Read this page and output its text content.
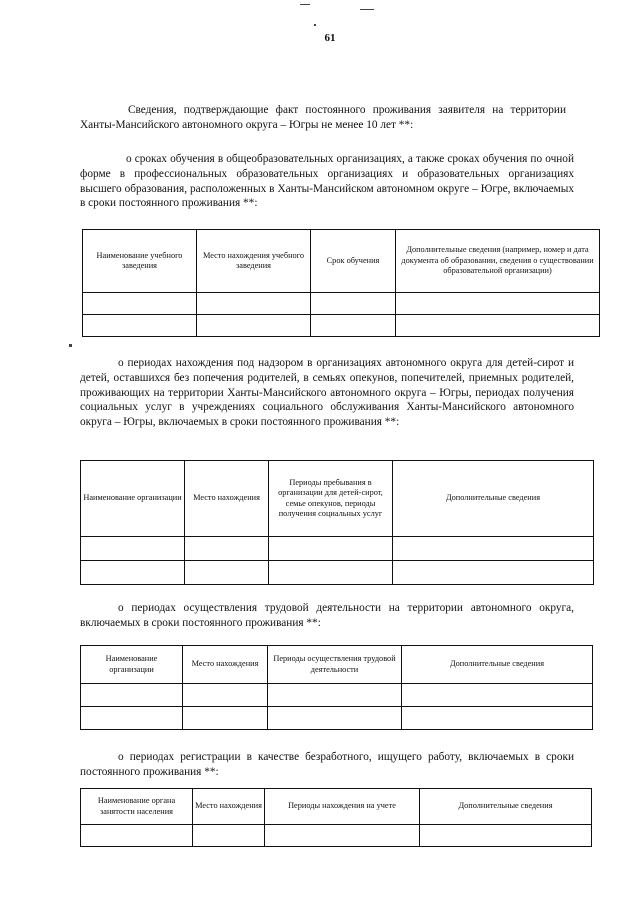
61

Сведения, подтверждающие факт постоянного проживания заявителя на территории Ханты-Мансийского автономного округа – Югры не менее 10 лет **:

о сроках обучения в общеобразовательных организациях, а также сроках обучения по очной форме в профессиональных образовательных организациях и образовательных организациях высшего образования, расположенных в Ханты-Мансийском автономном округе – Югре, включаемых в сроки постоянного проживания **:

Наименование учебного заведения	Место нахождения учебного заведения	Срок обучения	Дополнительные сведения (например, номер и дата документа об образовании, сведения о существовании образовательной организации)

о периодах нахождения под надзором в организациях автономного округа для детей-сирот и детей, оставшихся без попечения родителей, в семьях опекунов, попечителей, приемных родителей, проживающих на территории Ханты-Мансийского автономного округа – Югры, периодах получения социальных услуг в учреждениях социального обслуживания Ханты-Мансийского автономного округа – Югры, включаемых в сроки постоянного проживания **:

Наименование организации	Место нахождения	Периоды пребывания в организации для детей-сирот, семье опекунов, периоды получения социальных услуг	Дополнительные сведения

о периодах осуществления трудовой деятельности на территории автономного округа, включаемых в сроки постоянного проживания **:

Наименование организации	Место нахождения	Периоды осуществления трудовой деятельности	Дополнительные сведения

о периодах регистрации в качестве безработного, ищущего работу, включаемых в сроки постоянного проживания **:

Наименование органа занятости населения	Место нахождения	Периоды нахождения на учете	Дополнительные сведения
